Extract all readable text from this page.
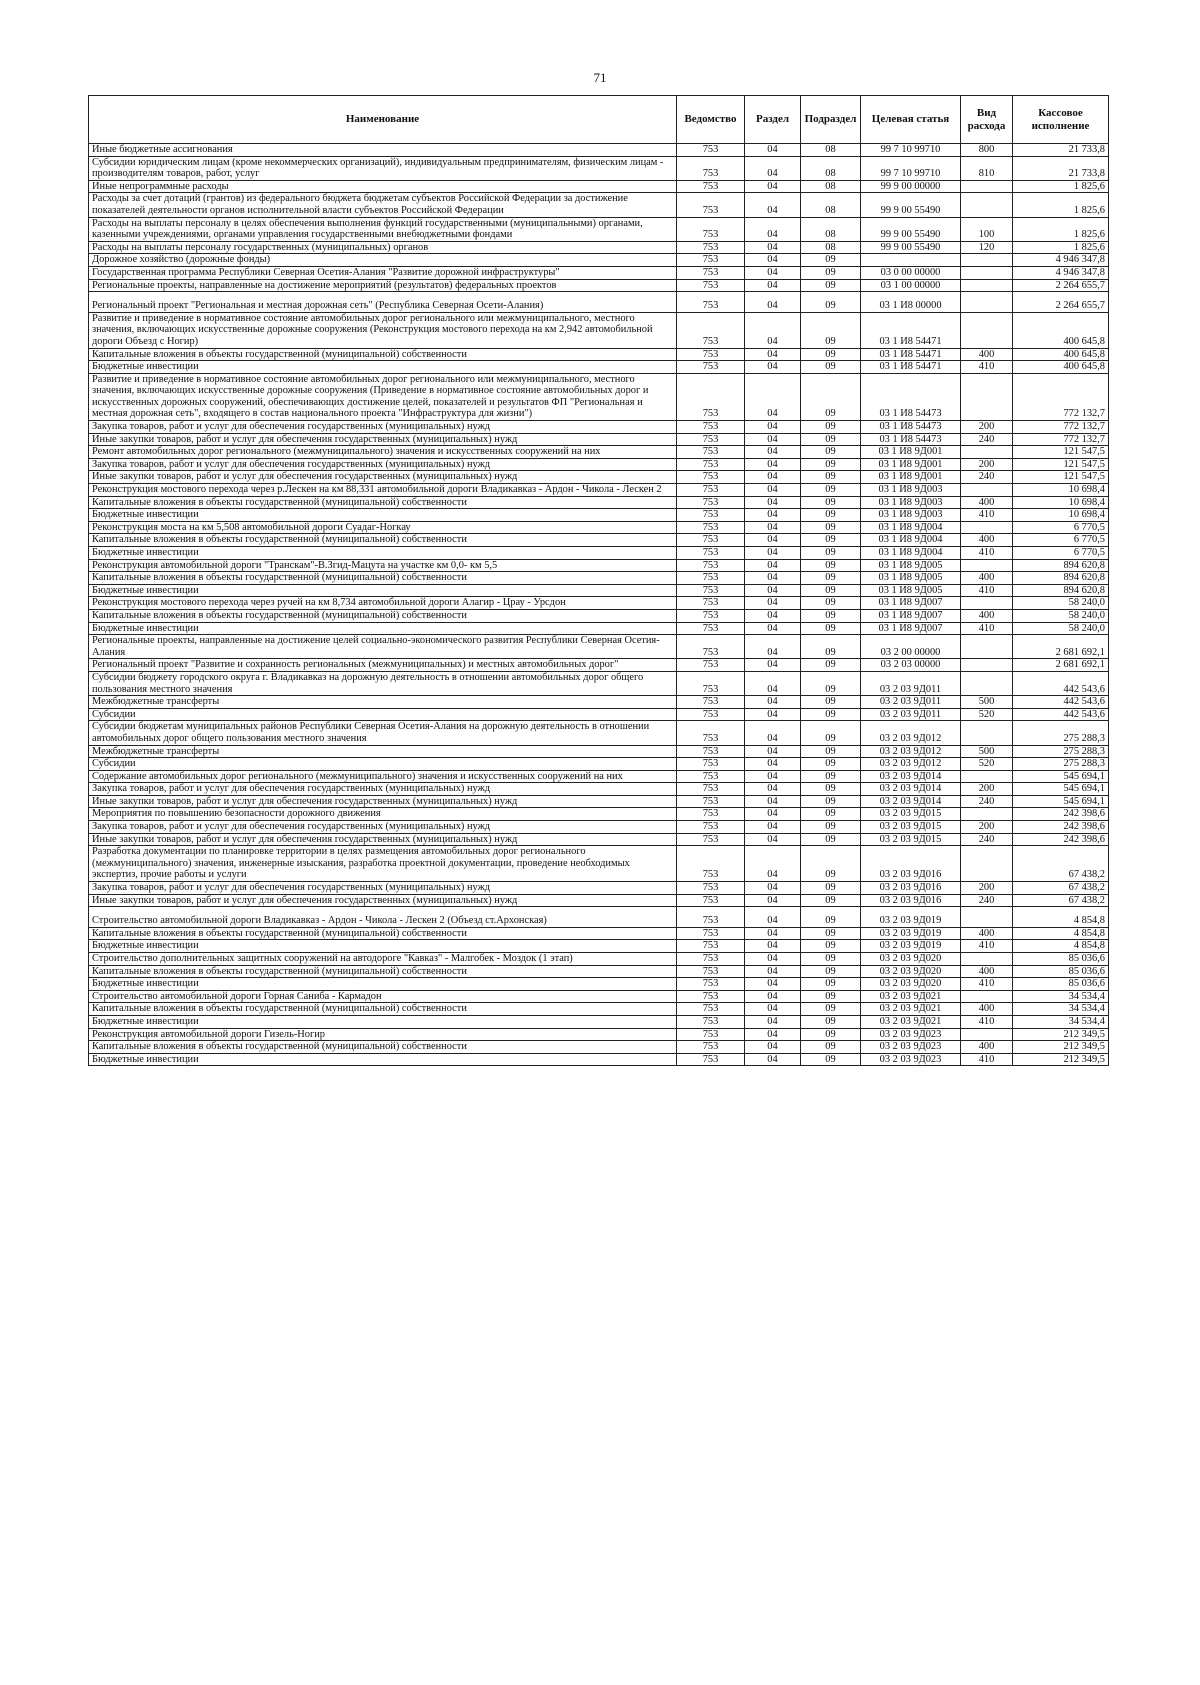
71
Наименование	Ведомство	Раздел	Подраздел	Целевая статья	Вид расхода	Кассовое исполнение
Иные бюджетные ассигнования	753	04	08	99 7 10 99710	800	21 733,8
Субсидии юридическим лицам (кроме некоммерческих организаций), индивидуальным предпринимателям, физическим лицам - производителям товаров, работ, услуг	753	04	08	99 7 10 99710	810	21 733,8
Иные непрограммные расходы	753	04	08	99 9 00 00000		1 825,6
Расходы за счет дотаций (грантов) из федерального бюджета бюджетам субъектов Российской Федерации за достижение показателей деятельности органов исполнительной власти субъектов Российской Федерации	753	04	08	99 9 00 55490		1 825,6
Расходы на выплаты персоналу в целях обеспечения выполнения функций государственными (муниципальными) органами, казенными учреждениями, органами управления государственными внебюджетными фондами	753	04	08	99 9 00 55490	100	1 825,6
Расходы на выплаты персоналу государственных (муниципальных) органов	753	04	08	99 9 00 55490	120	1 825,6
Дорожное хозяйство (дорожные фонды)	753	04	09			4 946 347,8
Государственная программа Республики Северная Осетия-Алания "Развитие дорожной инфраструктуры"	753	04	09	03 0 00 00000		4 946 347,8
Региональные проекты, направленные на достижение мероприятий (результатов) федеральных проектов	753	04	09	03 1 00 00000		2 264 655,7
Региональный проект "Региональная и местная дорожная сеть" (Республика Северная Осети-Алания)	753	04	09	03 1 И8 00000		2 264 655,7
Развитие и приведение в нормативное состояние автомобильных дорог регионального или межмуниципального, местного значения, включающих искусственные дорожные сооружения (Реконструкция мостового перехода на км 2,942 автомобильной дороги Объезд с Ногир)	753	04	09	03 1 И8 54471		400 645,8
Капитальные вложения в объекты государственной (муниципальной) собственности	753	04	09	03 1 И8 54471	400	400 645,8
Бюджетные инвестиции	753	04	09	03 1 И8 54471	410	400 645,8
Развитие и приведение в нормативное состояние автомобильных дорог регионального или межмуниципального, местного значения, включающих искусственные дорожные сооружения (Приведение в нормативное состояние автомобильных дорог и искусственных дорожных сооружений, обеспечивающих достижение целей, показателей и результатов ФП "Региональная и местная дорожная сеть", входящего в состав национального проекта "Инфраструктура для жизни")	753	04	09	03 1 И8 54473		772 132,7
Закупка товаров, работ и услуг для обеспечения государственных (муниципальных) нужд	753	04	09	03 1 И8 54473	200	772 132,7
Иные закупки товаров, работ и услуг для обеспечения государственных (муниципальных) нужд	753	04	09	03 1 И8 54473	240	772 132,7
Ремонт автомобильных дорог регионального (межмуниципального) значения и искусственных сооружений на них	753	04	09	03 1 И8 9Д001		121 547,5
Закупка товаров, работ и услуг для обеспечения государственных (муниципальных) нужд	753	04	09	03 1 И8 9Д001	200	121 547,5
Иные закупки товаров, работ и услуг для обеспечения государственных (муниципальных) нужд	753	04	09	03 1 И8 9Д001	240	121 547,5
Реконструкция мостового перехода через р.Лескен на км 88,331 автомобильной дороги Владикавказ - Ардон - Чикола - Лескен 2	753	04	09	03 1 И8 9Д003		10 698,4
Капитальные вложения в объекты государственной (муниципальной) собственности	753	04	09	03 1 И8 9Д003	400	10 698,4
Бюджетные инвестиции	753	04	09	03 1 И8 9Д003	410	10 698,4
Реконструкция моста на км 5,508 автомобильной дороги Суадаг-Ногкау	753	04	09	03 1 И8 9Д004		6 770,5
Капитальные вложения в объекты государственной (муниципальной) собственности	753	04	09	03 1 И8 9Д004	400	6 770,5
Бюджетные инвестиции	753	04	09	03 1 И8 9Д004	410	6 770,5
Реконструкция автомобильной дороги "Транскам"-В.Згид-Мацута на участке км 0,0- км 5,5	753	04	09	03 1 И8 9Д005		894 620,8
Капитальные вложения в объекты государственной (муниципальной) собственности	753	04	09	03 1 И8 9Д005	400	894 620,8
Бюджетные инвестиции	753	04	09	03 1 И8 9Д005	410	894 620,8
Реконструкция мостового перехода через ручей на км 8,734 автомобильной дороги Алагир - Црау - Урсдон	753	04	09	03 1 И8 9Д007		58 240,0
Капитальные вложения в объекты государственной (муниципальной) собственности	753	04	09	03 1 И8 9Д007	400	58 240,0
Бюджетные инвестиции	753	04	09	03 1 И8 9Д007	410	58 240,0
Региональные проекты, направленные на достижение целей социально-экономического развития Республики Северная Осетия-Алания	753	04	09	03 2 00 00000		2 681 692,1
Региональный проект "Развитие и сохранность региональных (межмуниципальных) и местных автомобильных дорог"	753	04	09	03 2 03 00000		2 681 692,1
Субсидии бюджету городского округа г. Владикавказ на дорожную деятельность в отношении автомобильных дорог общего пользования местного значения	753	04	09	03 2 03 9Д011		442 543,6
Межбюджетные трансферты	753	04	09	03 2 03 9Д011	500	442 543,6
Субсидии	753	04	09	03 2 03 9Д011	520	442 543,6
Субсидии бюджетам муниципальных районов Республики Северная Осетия-Алания на дорожную деятельность в отношении автомобильных дорог общего пользования местного значения	753	04	09	03 2 03 9Д012		275 288,3
Межбюджетные трансферты	753	04	09	03 2 03 9Д012	500	275 288,3
Субсидии	753	04	09	03 2 03 9Д012	520	275 288,3
Содержание автомобильных дорог регионального (межмуниципального) значения и искусственных сооружений на них	753	04	09	03 2 03 9Д014		545 694,1
Закупка товаров, работ и услуг для обеспечения государственных (муниципальных) нужд	753	04	09	03 2 03 9Д014	200	545 694,1
Иные закупки товаров, работ и услуг для обеспечения государственных (муниципальных) нужд	753	04	09	03 2 03 9Д014	240	545 694,1
Мероприятия по повышению безопасности дорожного движения	753	04	09	03 2 03 9Д015		242 398,6
Закупка товаров, работ и услуг для обеспечения государственных (муниципальных) нужд	753	04	09	03 2 03 9Д015	200	242 398,6
Иные закупки товаров, работ и услуг для обеспечения государственных (муниципальных) нужд	753	04	09	03 2 03 9Д015	240	242 398,6
Разработка документации по планировке территории в целях размещения автомобильных дорог регионального (межмуниципального) значения, инженерные изыскания, разработка проектной документации, проведение необходимых экспертиз, прочие работы и услуги	753	04	09	03 2 03 9Д016		67 438,2
Закупка товаров, работ и услуг для обеспечения государственных (муниципальных) нужд	753	04	09	03 2 03 9Д016	200	67 438,2
Иные закупки товаров, работ и услуг для обеспечения государственных (муниципальных) нужд	753	04	09	03 2 03 9Д016	240	67 438,2
Строительство автомобильной дороги Владикавказ - Ардон - Чикола - Лескен 2 (Объезд ст.Архонская)	753	04	09	03 2 03 9Д019		4 854,8
Капитальные вложения в объекты государственной (муниципальной) собственности	753	04	09	03 2 03 9Д019	400	4 854,8
Бюджетные инвестиции	753	04	09	03 2 03 9Д019	410	4 854,8
Строительство дополнительных защитных сооружений на автодороге "Кавказ" - Малгобек - Моздок (1 этап)	753	04	09	03 2 03 9Д020		85 036,6
Капитальные вложения в объекты государственной (муниципальной) собственности	753	04	09	03 2 03 9Д020	400	85 036,6
Бюджетные инвестиции	753	04	09	03 2 03 9Д020	410	85 036,6
Строительство автомобильной дороги Горная Саниба - Кармадон	753	04	09	03 2 03 9Д021		34 534,4
Капитальные вложения в объекты государственной (муниципальной) собственности	753	04	09	03 2 03 9Д021	400	34 534,4
Бюджетные инвестиции	753	04	09	03 2 03 9Д021	410	34 534,4
Реконструкция автомобильной дороги Гизель-Ногир	753	04	09	03 2 03 9Д023		212 349,5
Капитальные вложения в объекты государственной (муниципальной) собственности	753	04	09	03 2 03 9Д023	400	212 349,5
Бюджетные инвестиции	753	04	09	03 2 03 9Д023	410	212 349,5
